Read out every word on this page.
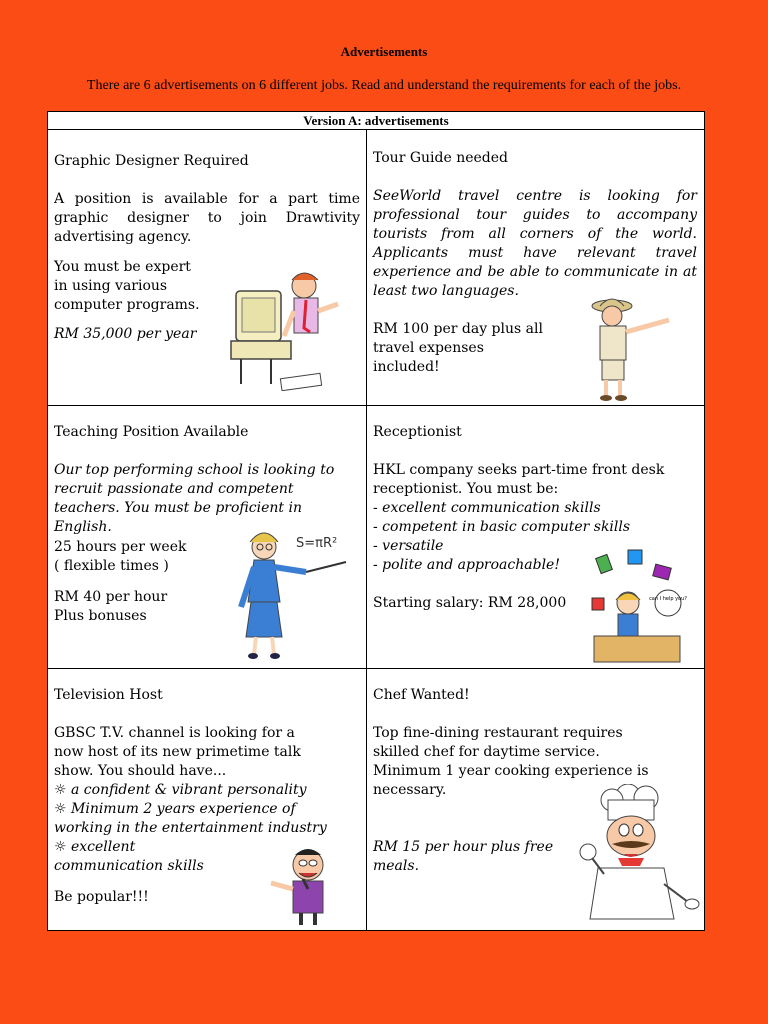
Advertisements
There are 6 advertisements on 6 different jobs. Read and understand the requirements for each of the jobs.
Version A: advertisements

Graphic Designer Required

A position is available for a part time graphic designer to join Drawtivity advertising agency.

You must be expert

in using various

computer programs.

RM 35,000 per year

Tour Guide needed

SeeWorld travel centre is looking for professional tour guides to accompany tourists from all corners of the world. Applicants must have relevant travel experience and be able to communicate in at least two languages.

RM 100 per day plus all

travel expenses

included!

Teaching Position Available

Our top performing school is looking to

recruit passionate and competent

teachers. You must be proficient in

English.

25 hours per week

( flexible times )

RM 40 per hour

Plus bonuses

S=πR²

Receptionist

HKL company seeks part-time front desk

receptionist. You must be:

- excellent communication skills

- competent in basic computer skills

- versatile

- polite and approachable!

Starting salary: RM 28,000	can I help you?

Television Host

GBSC T.V. channel is looking for a

now host of its new primetime talk

show. You should have...

☼ a confident & vibrant personality

☼ Minimum 2 years experience of

working in the entertainment industry

☼ excellent

communication skills

Be popular!!!

Chef Wanted!

Top fine-dining restaurant requires

skilled chef for daytime service.

Minimum 1 year cooking experience is

necessary.

RM 15 per hour plus free

meals.
